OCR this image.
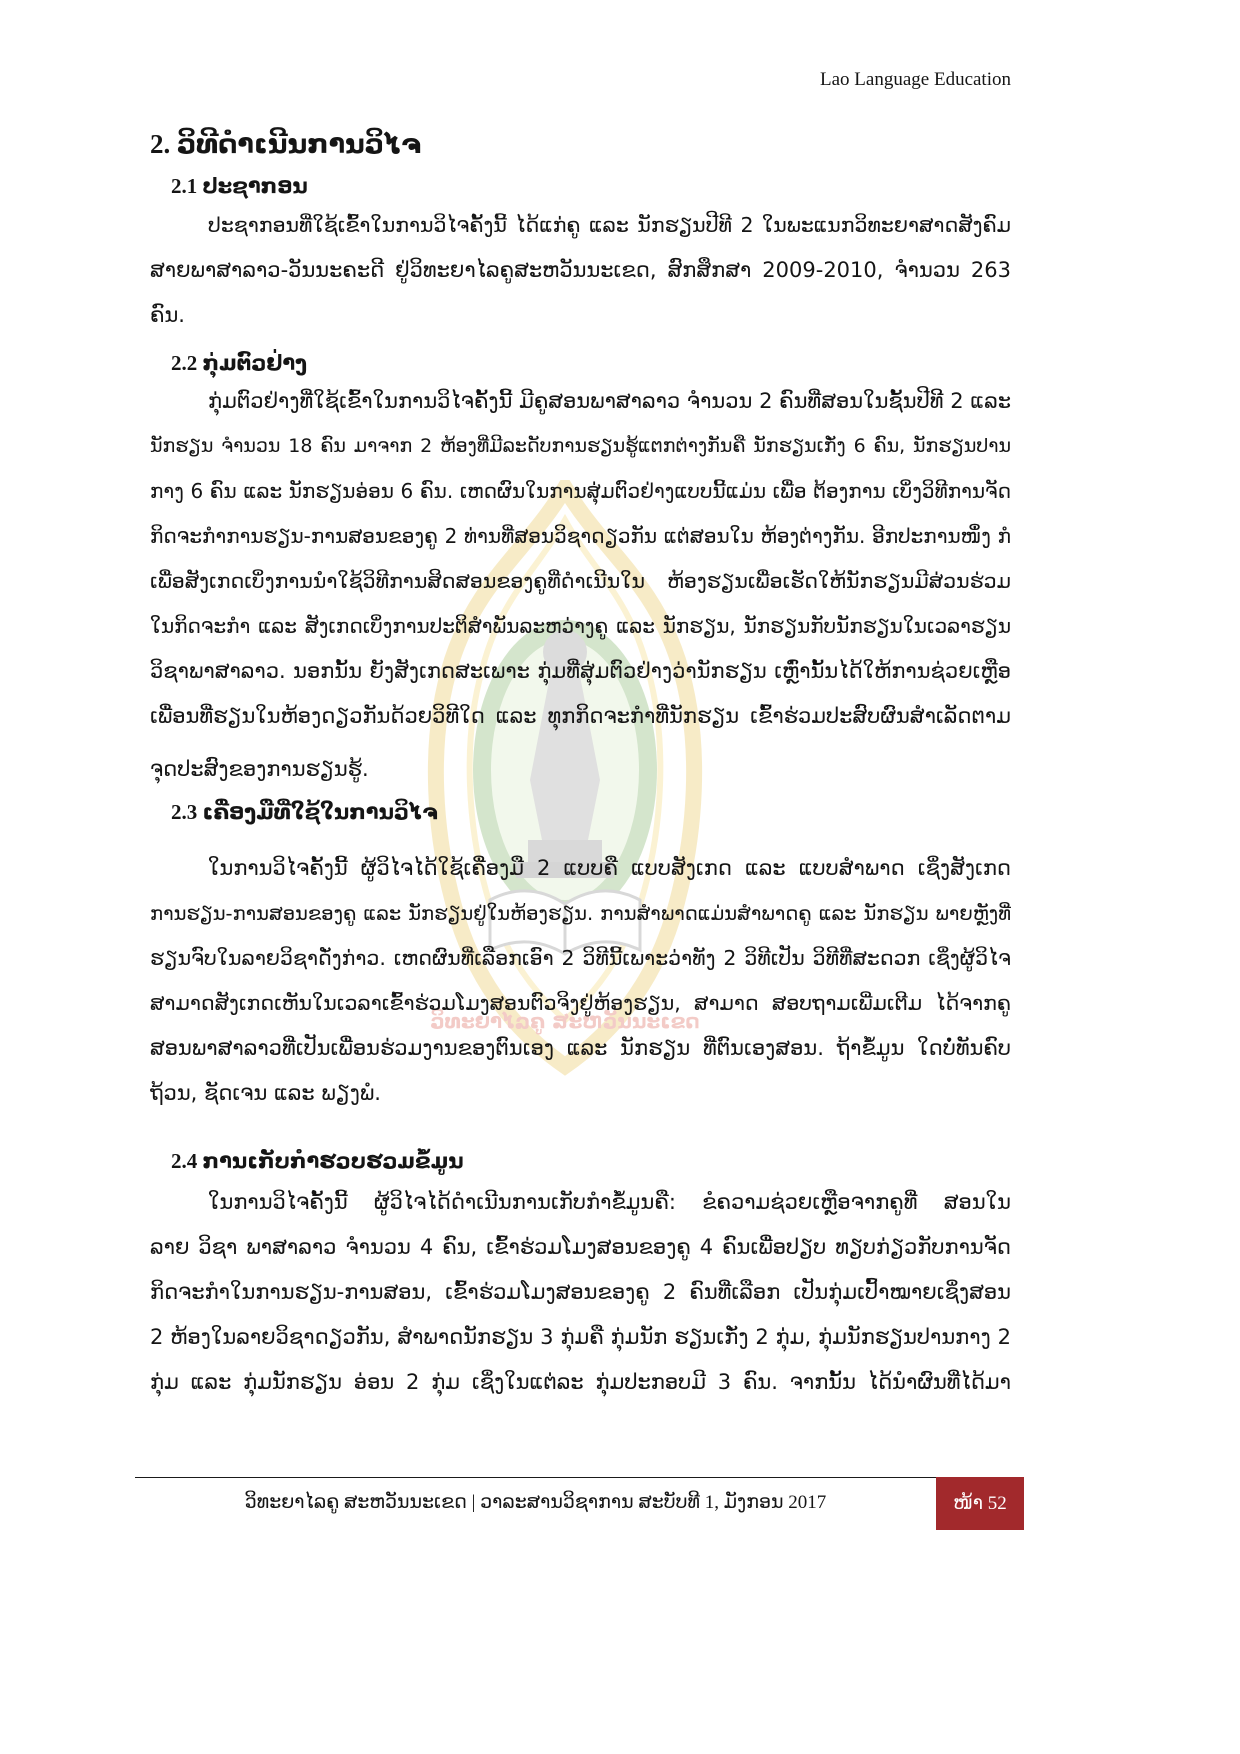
Lao Language Education
ວິທະຍາໄລຄູ ສະຫວັນນະເຂດ
2. ວິທີດຳເນີນການວິໄຈ
2.1 ປະຊາກອນ
ປະຊາກອນທີ່ໃຊ້ເຂົ້າໃນການວິໄຈຄັ້ງນີ້ ໄດ້ແກ່ຄູ ແລະ ນັກຮຽນປີທີ 2 ໃນພະແນກວິທະຍາສາດສັງຄົມ
ສາຍພາສາລາວ-ວັນນະຄະດີ ຢູ່ວິທະຍາໄລຄູສະຫວັນນະເຂດ, ສົກສຶກສາ 2009-2010, ຈຳນວນ 263
ຄົນ.
2.2 ກຸ່ມຕົວຢ່າງ
ກຸ່ມຕົວຢ່າງທີ່ໃຊ້ເຂົ້າໃນການວິໄຈຄັ້ງນີ້ ມີຄູສອນພາສາລາວ ຈຳນວນ 2 ຄົນທີ່ສອນໃນຊັ້ນປີທີ 2 ແລະ
ນັກຮຽນ ຈຳນວນ 18 ຄົນ ມາຈາກ 2 ຫ້ອງທີ່ມີລະດັບການຮຽນຮູ້ແຕກຕ່າງກັນຄື ນັກຮຽນເກັ່ງ 6 ຄົນ, ນັກຮຽນປານ
ກາງ 6 ຄົນ ແລະ ນັກຮຽນອ່ອນ 6 ຄົນ. ເຫດຜົນໃນການສຸ່ມຕົວຢ່າງແບບນີ້ແມ່ນ ເພື່ອ ຕ້ອງການ ເບິ່ງວິທີການຈັດ
ກິດຈະກຳການຮຽນ-ການສອນຂອງຄູ 2 ທ່ານທີ່ສອນວິຊາດຽວກັນ ແຕ່ສອນໃນ ຫ້ອງຕ່າງກັນ. ອີກປະການໜຶ່ງ ກໍ
ເພື່ອສັງເກດເບິ່ງການນຳໃຊ້ວິທີການສິດສອນຂອງຄູທີ່ດຳເນີນໃນ ຫ້ອງຮຽນເພື່ອເຮັດໃຫ້ນັກຮຽນມີສ່ວນຮ່ວມ
ໃນກິດຈະກຳ ແລະ ສັງເກດເບິ່ງການປະຕິສຳພັນລະຫວ່າງຄູ ແລະ ນັກຮຽນ, ນັກຮຽນກັບນັກຮຽນໃນເວລາຮຽນ
ວິຊາພາສາລາວ. ນອກນັ້ນ ຍັງສັງເກດສະເພາະ ກຸ່ມທີ່ສຸ່ມຕົວຢ່າງວ່ານັກຮຽນ ເຫຼົ່ານັ້ນໄດ້ໃຫ້ການຊ່ວຍເຫຼືອ
ເພື່ອນທີ່ຮຽນໃນຫ້ອງດຽວກັນດ້ວຍວິທີໃດ ແລະ ທຸກກິດຈະກຳທີ່ນັກຮຽນ ເຂົ້າຮ່ວມປະສົບຜົນສຳເລັດຕາມ
ຈຸດປະສົງຂອງການຮຽນຮູ້.
2.3 ເຄື່ອງມືທີ່ໃຊ້ໃນການວິໄຈ
ໃນການວິໄຈຄັ້ງນີ້ ຜູ້ວິໄຈໄດ້ໃຊ້ເຄື່ອງມື 2 ແບບຄື ແບບສັງເກດ ແລະ ແບບສຳພາດ ເຊິ່ງສັງເກດ
ການຮຽນ-ການສອນຂອງຄູ ແລະ ນັກຮຽນຢູ່ໃນຫ້ອງຮຽນ. ການສຳພາດແມ່ນສຳພາດຄູ ແລະ ນັກຮຽນ ພາຍຫຼັງທີ່
ຮຽນຈົບໃນລາຍວິຊາດັ່ງກ່າວ. ເຫດຜົນທີ່ເລືອກເອົາ 2 ວິທີນີ້ເພາະວ່າທັງ 2 ວິທີເປັນ ວິທີທີ່ສະດວກ ເຊິ່ງຜູ້ວິໄຈ
ສາມາດສັງເກດເຫັນໃນເວລາເຂົ້າຮ່ວມໂມງສອນຕົວຈິງຢູ່ຫ້ອງຮຽນ, ສາມາດ ສອບຖາມເພີ່ມເຕີມ ໄດ້ຈາກຄູ
ສອນພາສາລາວທີ່ເປັນເພື່ອນຮ່ວມງານຂອງຕົນເອງ ແລະ ນັກຮຽນ ທີ່ຕົນເອງສອນ. ຖ້າຂໍ້ມູນ ໃດບໍ່ທັນຄົບ
ຖ້ວນ, ຊັດເຈນ ແລະ ພຽງພໍ.
2.4 ການເກັບກຳຮວບຮວມຂໍ້ມູນ
ໃນການວິໄຈຄັ້ງນີ້ ຜູ້ວິໄຈໄດ້ດຳເນີນການເກັບກຳຂໍ້ມູນຄື: ຂໍຄວາມຊ່ວຍເຫຼືອຈາກຄູທີ່ ສອນໃນ
ລາຍ ວິຊາ ພາສາລາວ ຈຳນວນ 4 ຄົນ, ເຂົ້າຮ່ວມໂມງສອນຂອງຄູ 4 ຄົນເພື່ອປຽບ ທຽບກ່ຽວກັບການຈັດ
ກິດຈະກຳໃນການຮຽນ-ການສອນ, ເຂົ້າຮ່ວມໂມງສອນຂອງຄູ 2 ຄົນທີ່ເລືອກ ເປັນກຸ່ມເປົ້າໝາຍເຊິ່ງສອນ
2 ຫ້ອງໃນລາຍວິຊາດຽວກັນ, ສຳພາດນັກຮຽນ 3 ກຸ່ມຄື ກຸ່ມນັກ ຮຽນເກັ່ງ 2 ກຸ່ມ, ກຸ່ມນັກຮຽນປານກາງ 2
ກຸ່ມ ແລະ ກຸ່ມນັກຮຽນ ອ່ອນ 2 ກຸ່ມ ເຊິ່ງໃນແຕ່ລະ ກຸ່ມປະກອບມີ 3 ຄົນ. ຈາກນັ້ນ ໄດ້ນຳຜົນທີ່ໄດ້ມາ
ວິທະຍາໄລຄູ ສະຫວັນນະເຂດ | ວາລະສານວິຊາການ ສະບັບທີ 1, ມັງກອນ 2017	ໜ້າ 52
